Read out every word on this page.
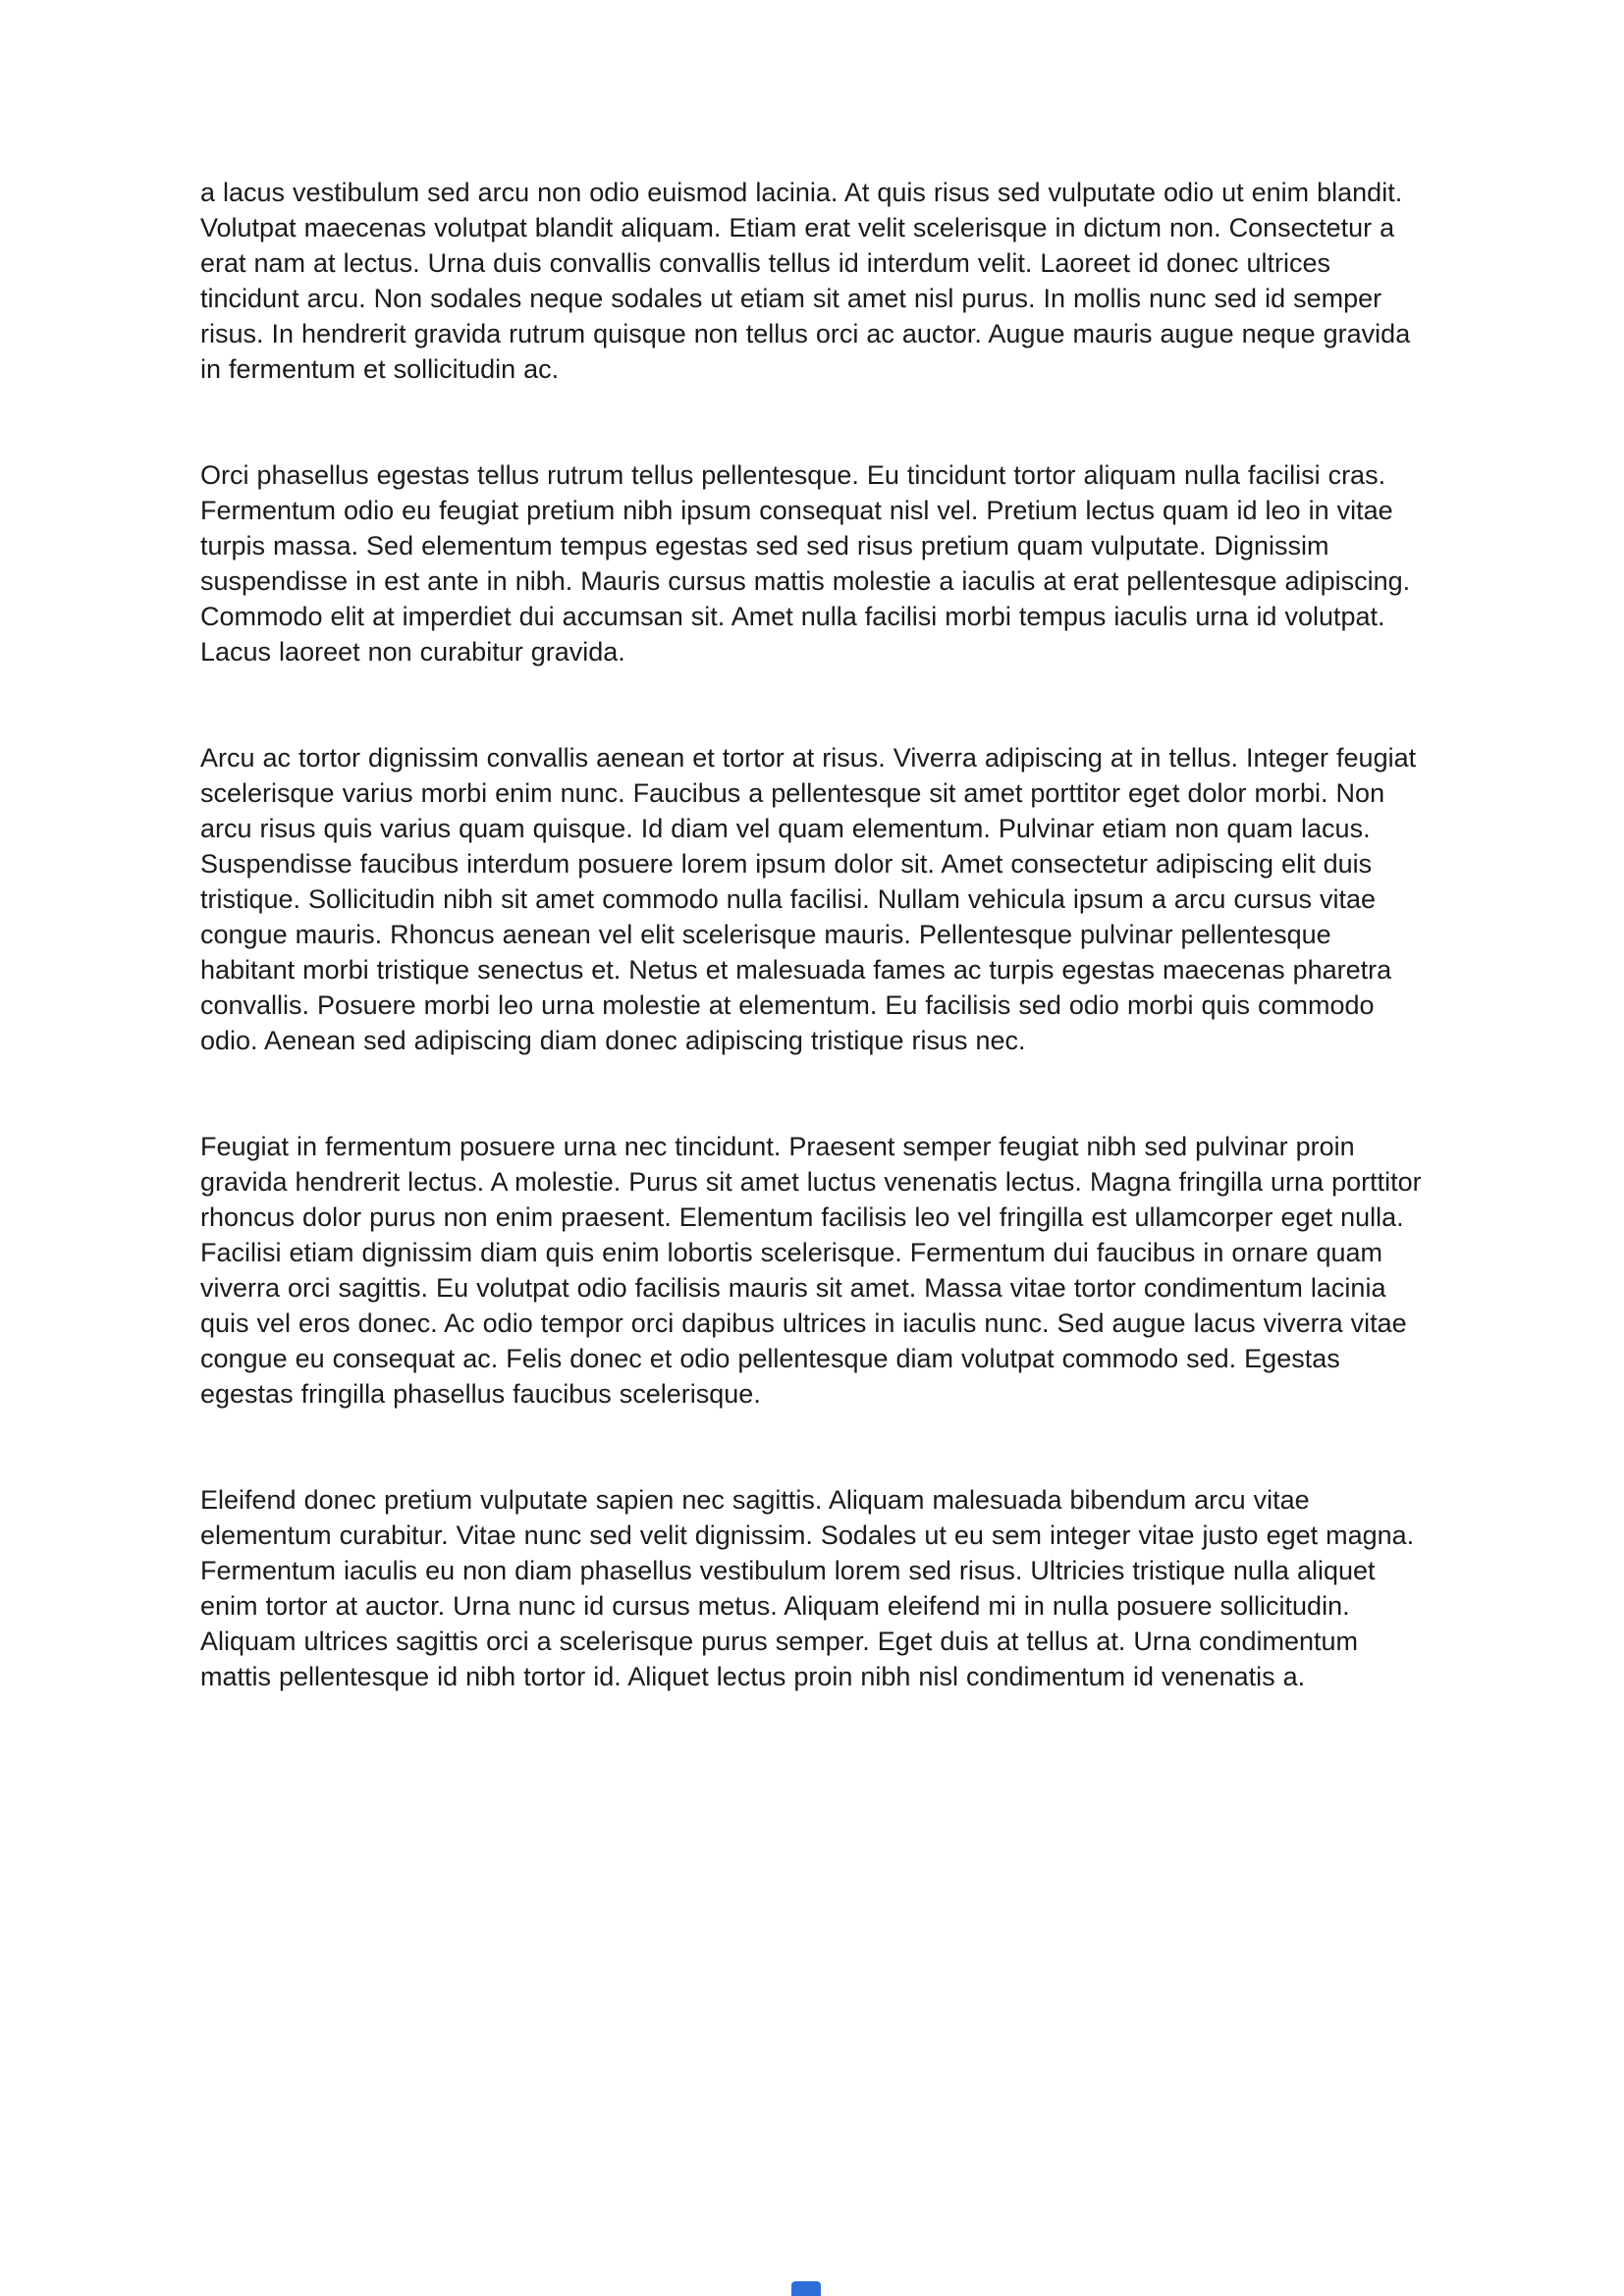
a lacus vestibulum sed arcu non odio euismod lacinia. At quis risus sed vulputate odio ut enim blandit. Volutpat maecenas volutpat blandit aliquam. Etiam erat velit scelerisque in dictum non. Consectetur a erat nam at lectus. Urna duis convallis convallis tellus id interdum velit. Laoreet id donec ultrices tincidunt arcu. Non sodales neque sodales ut etiam sit amet nisl purus. In mollis nunc sed id semper risus. In hendrerit gravida rutrum quisque non tellus orci ac auctor. Augue mauris augue neque gravida in fermentum et sollicitudin ac.

Orci phasellus egestas tellus rutrum tellus pellentesque. Eu tincidunt tortor aliquam nulla facilisi cras. Fermentum odio eu feugiat pretium nibh ipsum consequat nisl vel. Pretium lectus quam id leo in vitae turpis massa. Sed elementum tempus egestas sed sed risus pretium quam vulputate. Dignissim suspendisse in est ante in nibh. Mauris cursus mattis molestie a iaculis at erat pellentesque adipiscing. Commodo elit at imperdiet dui accumsan sit. Amet nulla facilisi morbi tempus iaculis urna id volutpat. Lacus laoreet non curabitur gravida.

Arcu ac tortor dignissim convallis aenean et tortor at risus. Viverra adipiscing at in tellus. Integer feugiat scelerisque varius morbi enim nunc. Faucibus a pellentesque sit amet porttitor eget dolor morbi. Non arcu risus quis varius quam quisque. Id diam vel quam elementum. Pulvinar etiam non quam lacus. Suspendisse faucibus interdum posuere lorem ipsum dolor sit. Amet consectetur adipiscing elit duis tristique. Sollicitudin nibh sit amet commodo nulla facilisi. Nullam vehicula ipsum a arcu cursus vitae congue mauris. Rhoncus aenean vel elit scelerisque mauris. Pellentesque pulvinar pellentesque habitant morbi tristique senectus et. Netus et malesuada fames ac turpis egestas maecenas pharetra convallis. Posuere morbi leo urna molestie at elementum. Eu facilisis sed odio morbi quis commodo odio. Aenean sed adipiscing diam donec adipiscing tristique risus nec.

Feugiat in fermentum posuere urna nec tincidunt. Praesent semper feugiat nibh sed pulvinar proin gravida hendrerit lectus. A molestie. Purus sit amet luctus venenatis lectus. Magna fringilla urna porttitor rhoncus dolor purus non enim praesent. Elementum facilisis leo vel fringilla est ullamcorper eget nulla. Facilisi etiam dignissim diam quis enim lobortis scelerisque. Fermentum dui faucibus in ornare quam viverra orci sagittis. Eu volutpat odio facilisis mauris sit amet. Massa vitae tortor condimentum lacinia quis vel eros donec. Ac odio tempor orci dapibus ultrices in iaculis nunc. Sed augue lacus viverra vitae congue eu consequat ac. Felis donec et odio pellentesque diam volutpat commodo sed. Egestas egestas fringilla phasellus faucibus scelerisque.

Eleifend donec pretium vulputate sapien nec sagittis. Aliquam malesuada bibendum arcu vitae elementum curabitur. Vitae nunc sed velit dignissim. Sodales ut eu sem integer vitae justo eget magna. Fermentum iaculis eu non diam phasellus vestibulum lorem sed risus. Ultricies tristique nulla aliquet enim tortor at auctor. Urna nunc id cursus metus. Aliquam eleifend mi in nulla posuere sollicitudin. Aliquam ultrices sagittis orci a scelerisque purus semper. Eget duis at tellus at. Urna condimentum mattis pellentesque id nibh tortor id. Aliquet lectus proin nibh nisl condimentum id venenatis a.
